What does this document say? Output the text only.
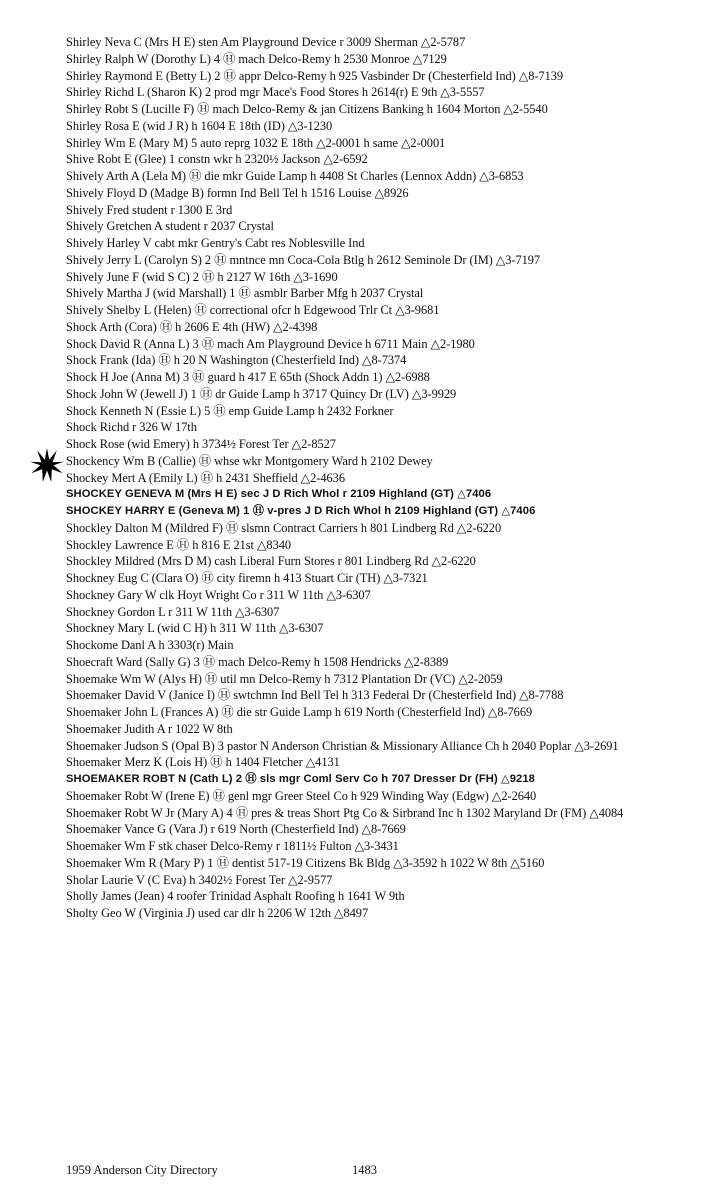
Shirley Neva C (Mrs H E) sten Am Playground Device r 3009 Sherman △2-5787
Shirley Ralph W (Dorothy L) 4 Ⓗ mach Delco-Remy h 2530 Monroe △7129
Shirley Raymond E (Betty L) 2 Ⓗ appr Delco-Remy h 925 Vasbinder Dr (Chesterfield Ind) △8-7139
Shirley Richd L (Sharon K) 2 prod mgr Mace's Food Stores h 2614(r) E 9th △3-5557
Shirley Robt S (Lucille F) Ⓗ mach Delco-Remy & jan Citizens Banking h 1604 Morton △2-5540
Shirley Rosa E (wid J R) h 1604 E 18th (ID) △3-1230
Shirley Wm E (Mary M) 5 auto reprg 1032 E 18th △2-0001 h same △2-0001
Shive Robt E (Glee) 1 constn wkr h 2320½ Jackson △2-6592
Shively Arth A (Lela M) Ⓗ die mkr Guide Lamp h 4408 St Charles (Lennox Addn) △3-6853
Shively Floyd D (Madge B) formn Ind Bell Tel h 1516 Louise △8926
Shively Fred student r 1300 E 3rd
Shively Gretchen A student r 2037 Crystal
Shively Harley V cabt mkr Gentry's Cabt res Noblesville Ind
Shively Jerry L (Carolyn S) 2 Ⓗ mntnce mn Coca-Cola Btlg h 2612 Seminole Dr (IM) △3-7197
Shively June F (wid S C) 2 Ⓗ h 2127 W 16th △3-1690
Shively Martha J (wid Marshall) 1 Ⓗ asmblr Barber Mfg h 2037 Crystal
Shively Shelby L (Helen) Ⓗ correctional ofcr h Edgewood Trlr Ct △3-9681
Shock Arth (Cora) Ⓗ h 2606 E 4th (HW) △2-4398
Shock David R (Anna L) 3 Ⓗ mach Am Playground Device h 6711 Main △2-1980
Shock Frank (Ida) Ⓗ h 20 N Washington (Chesterfield Ind) △8-7374
Shock H Joe (Anna M) 3 Ⓗ guard h 417 E 65th (Shock Addn 1) △2-6988
Shock John W (Jewell J) 1 Ⓗ dr Guide Lamp h 3717 Quincy Dr (LV) △3-9929
Shock Kenneth N (Essie L) 5 Ⓗ emp Guide Lamp h 2432 Forkner
Shock Richd r 326 W 17th
Shock Rose (wid Emery) h 3734½ Forest Ter △2-8527
Shockency Wm B (Callie) Ⓗ whse wkr Montgomery Ward h 2102 Dewey
Shockey Mert A (Emily L) Ⓗ h 2431 Sheffield △2-4636
SHOCKEY GENEVA M (Mrs H E) sec J D Rich Whol r 2109 Highland (GT) △7406
SHOCKEY HARRY E (Geneva M) 1 Ⓗ v-pres J D Rich Whol h 2109 Highland (GT) △7406
Shockley Dalton M (Mildred F) Ⓗ slsmn Contract Carriers h 801 Lindberg Rd △2-6220
Shockley Lawrence E Ⓗ h 816 E 21st △8340
Shockley Mildred (Mrs D M) cash Liberal Furn Stores r 801 Lindberg Rd △2-6220
Shockney Eug C (Clara O) Ⓗ city firemn h 413 Stuart Cir (TH) △3-7321
Shockney Gary W clk Hoyt Wright Co r 311 W 11th △3-6307
Shockney Gordon L r 311 W 11th △3-6307
Shockney Mary L (wid C H) h 311 W 11th △3-6307
Shockome Danl A h 3303(r) Main
Shoecraft Ward (Sally G) 3 Ⓗ mach Delco-Remy h 1508 Hendricks △2-8389
Shoemake Wm W (Alys H) Ⓗ util mn Delco-Remy h 7312 Plantation Dr (VC) △2-2059
Shoemaker David V (Janice I) Ⓗ swtchmn Ind Bell Tel h 313 Federal Dr (Chesterfield Ind) △8-7788
Shoemaker John L (Frances A) Ⓗ die str Guide Lamp h 619 North (Chesterfield Ind) △8-7669
Shoemaker Judith A r 1022 W 8th
Shoemaker Judson S (Opal B) 3 pastor N Anderson Christian & Missionary Alliance Ch h 2040 Poplar △3-2691
Shoemaker Merz K (Lois H) Ⓗ h 1404 Fletcher △4131
SHOEMAKER ROBT N (Cath L) 2 Ⓗ sls mgr Coml Serv Co h 707 Dresser Dr (FH) △9218
Shoemaker Robt W (Irene E) Ⓗ genl mgr Greer Steel Co h 929 Winding Way (Edgw) △2-2640
Shoemaker Robt W Jr (Mary A) 4 Ⓗ pres & treas Short Ptg Co & Sirbrand Inc h 1302 Maryland Dr (FM) △4084
Shoemaker Vance G (Vara J) r 619 North (Chesterfield Ind) △8-7669
Shoemaker Wm F stk chaser Delco-Remy r 1811½ Fulton △3-3431
Shoemaker Wm R (Mary P) 1 Ⓗ dentist 517-19 Citizens Bk Bldg △3-3592 h 1022 W 8th △5160
Sholar Laurie V (C Eva) h 3402½ Forest Ter △2-9577
Sholly James (Jean) 4 roofer Trinidad Asphalt Roofing h 1641 W 9th
Sholty Geo W (Virginia J) used car dlr h 2206 W 12th △8497
1959 Anderson City Directory	1483
